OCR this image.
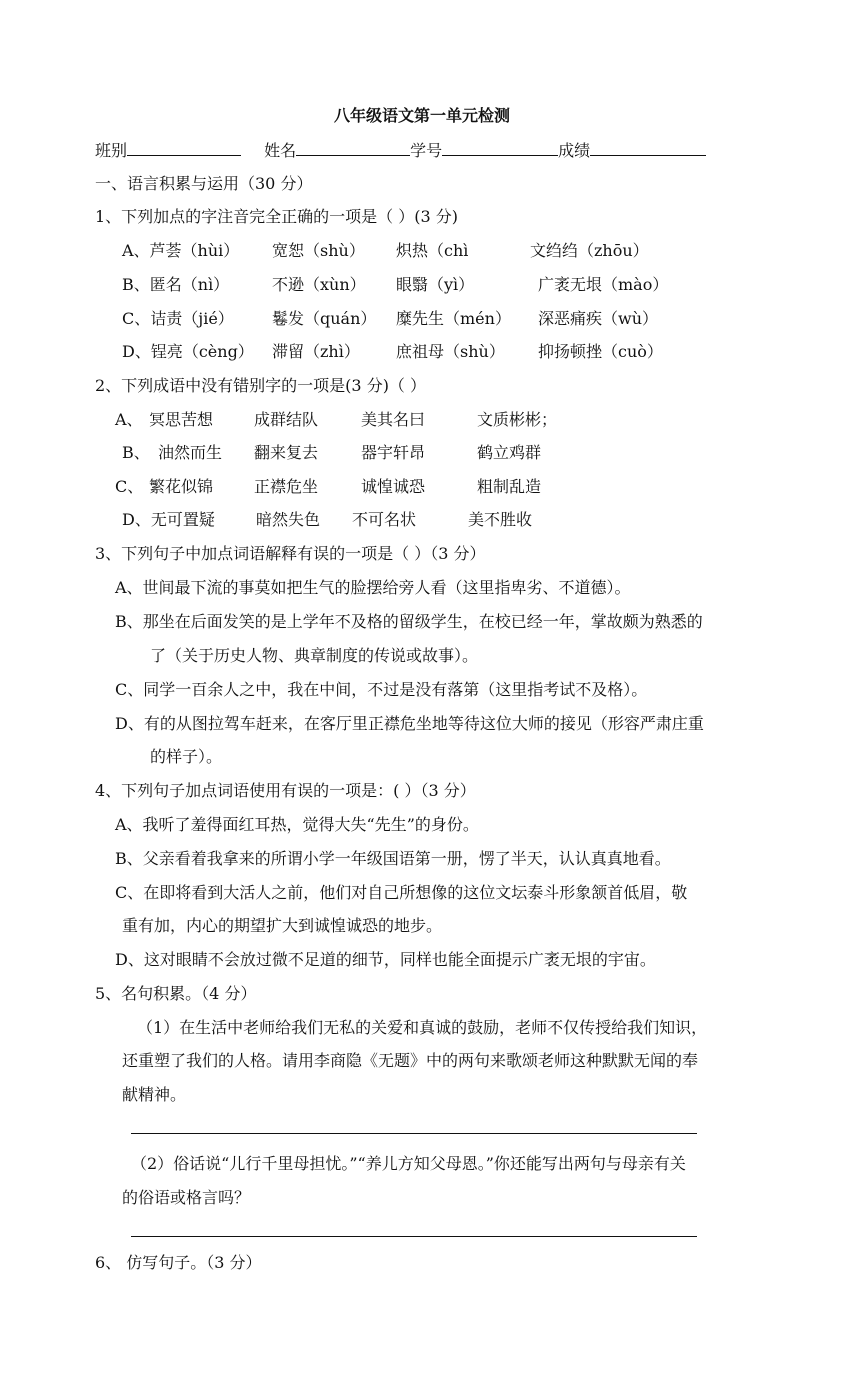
八年级语文第一单元检测
班别	姓名	学号	成绩
一、语言积累与运用（30 分）
1、下列加点的字注音完全正确的一项是（ ）(3 分)
A、芦荟（hùi） 宽恕（shù） 炽热（chì	文绉绉（zhōu）
B、匿名（nì）	不逊（xùn） 眼翳（yì）	广袤无垠（mào）
C、诘责（jié） 鬈发（quán） 糜先生（mén） 深恶痛疾（wù）
D、锃亮（cèng） 滞留（zhì） 庶祖母（shù） 抑扬顿挫（cuò）
2、下列成语中没有错别字的一项是(3 分)（ ）
A、 冥思苦想	成群结队	美其名曰	文质彬彬；
B、 油然而生 翻来复去	器宇轩昂	鹤立鸡群
C、 繁花似锦	正襟危坐	诚惶诚恐	粗制乱造
D、无可置疑	暗然失色 不可名状	美不胜收
3、下列句子中加点词语解释有误的一项是（ ）（3 分）
A、世间最下流的事莫如把生气的脸摆给旁人看（这里指卑劣、不道德）。
B、那坐在后面发笑的是上学年不及格的留级学生，在校已经一年，掌故颇为熟悉的
了（关于历史人物、典章制度的传说或故事）。
C、同学一百余人之中，我在中间，不过是没有落第（这里指考试不及格）。
D、有的从图拉驾车赶来，在客厅里正襟危坐地等待这位大师的接见（形容严肃庄重
的样子）。
4、下列句子加点词语使用有误的一项是：( ）（3 分）
A、我听了羞得面红耳热，觉得大失“先生”的身份。
B、父亲看着我拿来的所谓小学一年级国语第一册，愣了半天，认认真真地看。
C、在即将看到大活人之前，他们对自己所想像的这位文坛泰斗形象颔首低眉，敬
重有加，内心的期望扩大到诚惶诚恐的地步。
D、这对眼睛不会放过微不足道的细节，同样也能全面提示广袤无垠的宇宙。
5、名句积累。（4 分）
（1）在生活中老师给我们无私的关爱和真诚的鼓励，老师不仅传授给我们知识，
还重塑了我们的人格。请用李商隐《无题》中的两句来歌颂老师这种默默无闻的奉
献精神。
（2）俗话说“儿行千里母担忧。”“养儿方知父母恩。”你还能写出两句与母亲有关
的俗语或格言吗？
6、 仿写句子。（3 分）
